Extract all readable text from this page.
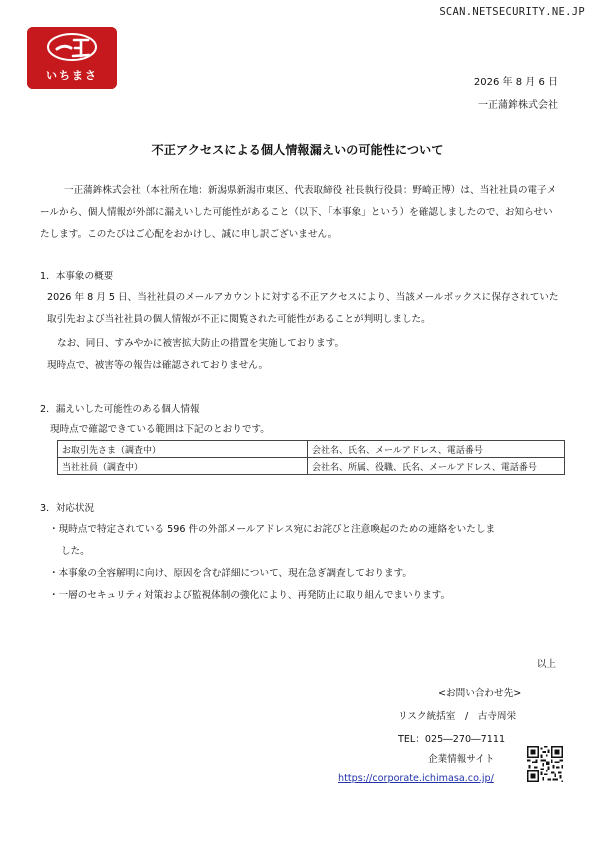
SCAN.NETSECURITY.NE.JP
いちまさ
2026 年 8 月 6 日
一正蒲鉾株式会社
不正アクセスによる個人情報漏えいの可能性について
一正蒲鉾株式会社（本社所在地：新潟県新潟市東区、代表取締役 社長執行役員：野崎正博）は、当社社員の電子メールから、個人情報が外部に漏えいした可能性があること（以下、「本事象」という）を確認しましたので、お知らせいたします。このたびはご心配をおかけし、誠に申し訳ございません。
1．本事象の概要
2026 年 8 月 5 日、当社社員のメールアカウントに対する不正アクセスにより、当該メールボックスに保存されていた取引先および当社社員の個人情報が不正に閲覧された可能性があることが判明しました。
なお、同日、すみやかに被害拡大防止の措置を実施しております。
現時点で、被害等の報告は確認されておりません。
2．漏えいした可能性のある個人情報
現時点で確認できている範囲は下記のとおりです。
お取引先さま（調査中）	会社名、氏名、メールアドレス、電話番号
当社社員（調査中）	会社名、所属、役職、氏名、メールアドレス、電話番号
3．対応状況
・現時点で特定されている 596 件の外部メールアドレス宛にお詫びと注意喚起のための連絡をいたしま
した。
・本事象の全容解明に向け、原因を含む詳細について、現在急ぎ調査しております。
・一層のセキュリティ対策および監視体制の強化により、再発防止に取り組んでまいります。
以上
<お問い合わせ先>
リスク統括室　/　古寺周栄
TEL：025―270―7111
企業情報サイト
https://corporate.ichimasa.co.jp/
